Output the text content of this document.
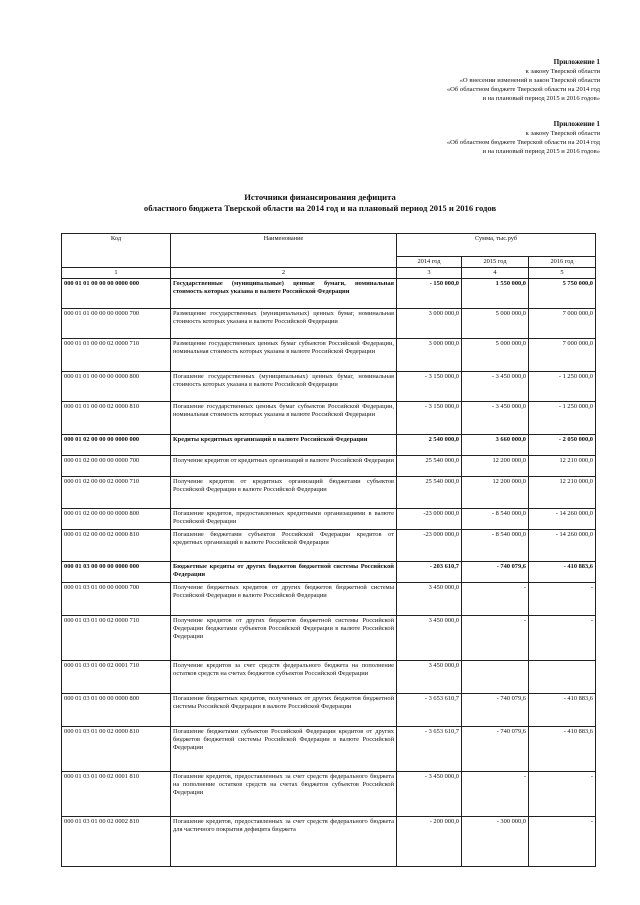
Приложение 1
к закону Тверской области
«О внесении изменений в закон Тверской области
«Об областном бюджете Тверской области на 2014 год
и на плановый период 2015 и 2016 годов»
Приложение 1
к закону Тверской области
«Об областном бюджете Тверской области на 2014 год
и на плановый период 2015 и 2016 годов»
Источники финансирования дефицита
областного бюджета Тверской области на 2014 год и на плановый период 2015 и 2016 годов
Код	Наименование	Сумма, тыс.руб		
		2014 год	2015 год	2016 год
1	2	3	4	5
000 01 01 00 00 00 0000 000	Государственные (муниципальные) ценные бумаги, номинальная стоимость которых указана в валюте Российской Федерации	- 150 000,0	1 550 000,0	5 750 000,0
000 01 01 00 00 00 0000 700	Размещение государственных (муниципальных) ценных бумаг, номинальная стоимость которых указана в валюте Российской Федерации	3 000 000,0	5 000 000,0	7 000 000,0
000 01 01 00 00 02 0000 710	Размещение государственных ценных бумаг субъектов Российской Федерации, номинальная стоимость которых указана в валюте Российской Федерации	3 000 000,0	5 000 000,0	7 000 000,0
000 01 01 00 00 00 0000 800	Погашение государственных (муниципальных) ценных бумаг, номинальная стоимость которых указана в валюте Российской Федерации	- 3 150 000,0	- 3 450 000,0	- 1 250 000,0
000 01 01 00 00 02 0000 810	Погашение государственных ценных бумаг субъектов Российской Федерации, номинальная стоимость которых указана в валюте Российской Федерации	- 3 150 000,0	- 3 450 000,0	- 1 250 000,0
000 01 02 00 00 00 0000 000	Кредиты кредитных организаций в валюте Российской Федерации	2 540 000,0	3 660 000,0	- 2 050 000,0
000 01 02 00 00 00 0000 700	Получение кредитов от кредитных организаций в валюте Российской Федерации	25 540 000,0	12 200 000,0	12 210 000,0
000 01 02 00 00 02 0000 710	Получение кредитов от кредитных организаций бюджетами субъектов Российской Федерации в валюте Российской Федерации	25 540 000,0	12 200 000,0	12 210 000,0
000 01 02 00 00 00 0000 800	Погашение кредитов, предоставленных кредитными организациями в валюте Российской Федерации	-23 000 000,0	- 8 540 000,0	- 14 260 000,0
000 01 02 00 00 02 0000 810	Погашение бюджетами субъектов Российской Федерации кредитов от кредитных организаций в валюте Российской Федерации	-23 000 000,0	- 8 540 000,0	- 14 260 000,0
000 01 03 00 00 00 0000 000	Бюджетные кредиты от других бюджетов бюджетной системы Российской Федерации	- 203 610,7	- 740 079,6	- 410 883,6
000 01 03 01 00 00 0000 700	Получение бюджетных кредитов от других бюджетов бюджетной системы Российской Федерации в валюте Российской Федерации	3 450 000,0	-	-
000 01 03 01 00 02 0000 710	Получение кредитов от других бюджетов бюджетной системы Российской Федерации бюджетами субъектов Российской Федерации в валюте Российской Федерации	3 450 000,0	-	-
000 01 03 01 00 02 0001 710	Получение кредитов за счет средств федерального бюджета на пополнение остатков средств на счетах бюджетов субъектов Российской Федерации	3 450 000,0		
000 01 03 01 00 00 0000 800	Погашение бюджетных кредитов, полученных от других бюджетов бюджетной системы Российской Федерации в валюте Российской Федерации	- 3 653 610,7	- 740 079,6	- 410 883,6
000 01 03 01 00 02 0000 810	Погашение бюджетами субъектов Российской Федерации кредитов от других бюджетов бюджетной системы Российской Федерации в валюте Российской Федерации	- 3 653 610,7	- 740 079,6	- 410 883,6
000 01 03 01 00 02 0001 810	Погашение кредитов, предоставленных за счет средств федерального бюджета на пополнение остатков средств на счетах бюджетов субъектов Российской Федерации	- 3 450 000,0	-	-
000 01 03 01 00 02 0002 810	Погашение кредитов, предоставленных за счет средств федерального бюджета для частичного покрытия дефицита бюджета	- 200 000,0	- 300 000,0	-
